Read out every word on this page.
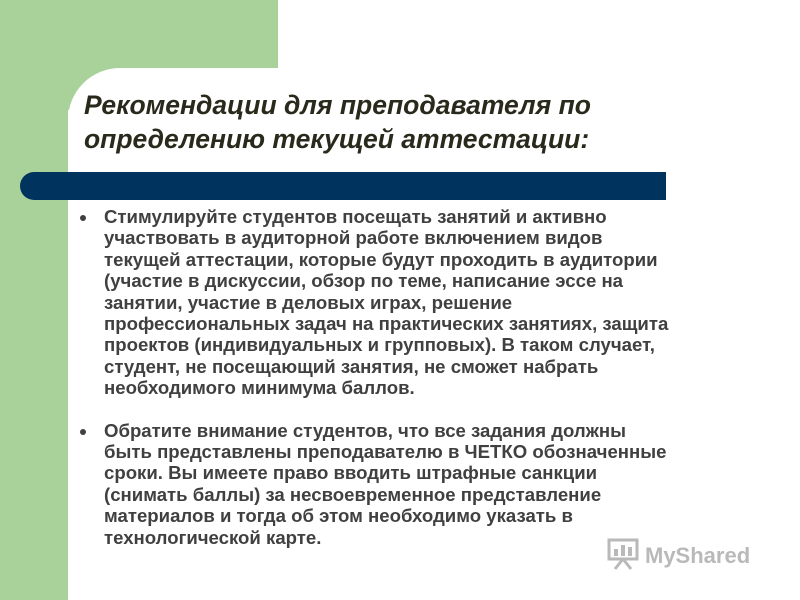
Рекомендации для преподавателя по
определению текущей аттестации:
Стимулируйте студентов посещать занятий и активно
участвовать в аудиторной работе включением видов
текущей аттестации, которые будут проходить в аудитории
(участие в дискуссии, обзор по теме, написание эссе на
занятии, участие в деловых играх, решение
профессиональных задач на практических занятиях, защита
проектов (индивидуальных и групповых). В таком случает,
студент, не посещающий занятия, не сможет набрать
необходимого минимума баллов.
Обратите внимание студентов, что все задания должны
быть представлены преподавателю в ЧЕТКО обозначенные
сроки. Вы имеете право вводить штрафные санкции
(снимать баллы) за несвоевременное представление
материалов и тогда об этом необходимо указать в
технологической карте.
MyShared
